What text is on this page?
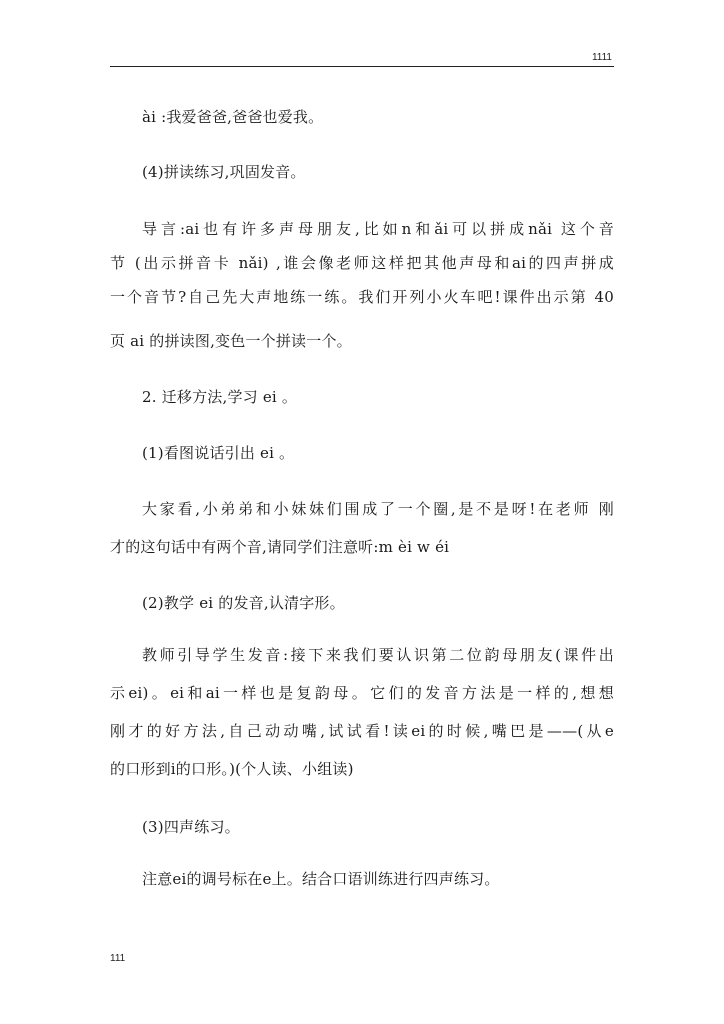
1111
ài :我爱爸爸,爸爸也爱我。
(4)拼读练习,巩固发音。
导言:ai也有许多声母朋友,比如n和ǎi可以拼成nǎi 这个音
节 (出示拼音卡 nǎi) ,谁会像老师这样把其他声母和ai的四声拼成
一个音节?自己先大声地练一练。我们开列小火车吧!课件出示第 40
页 ai 的拼读图,变色一个拼读一个。
2. 迁移方法,学习 ei 。
(1)看图说话引出 ei 。
大家看,小弟弟和小妹妹们围成了一个圈,是不是呀!在老师 刚
才的这句话中有两个音,请同学们注意听:m èi w éi
(2)教学 ei 的发音,认清字形。
教师引导学生发音:接下来我们要认识第二位韵母朋友(课件出
示ei)。ei和ai一样也是复韵母。它们的发音方法是一样的,想想
刚才的好方法,自己动动嘴,试试看!读ei的时候,嘴巴是——(从e
的口形到i的口形。)(个人读、小组读)
(3)四声练习。
注意ei的调号标在e上。结合口语训练进行四声练习。
111
